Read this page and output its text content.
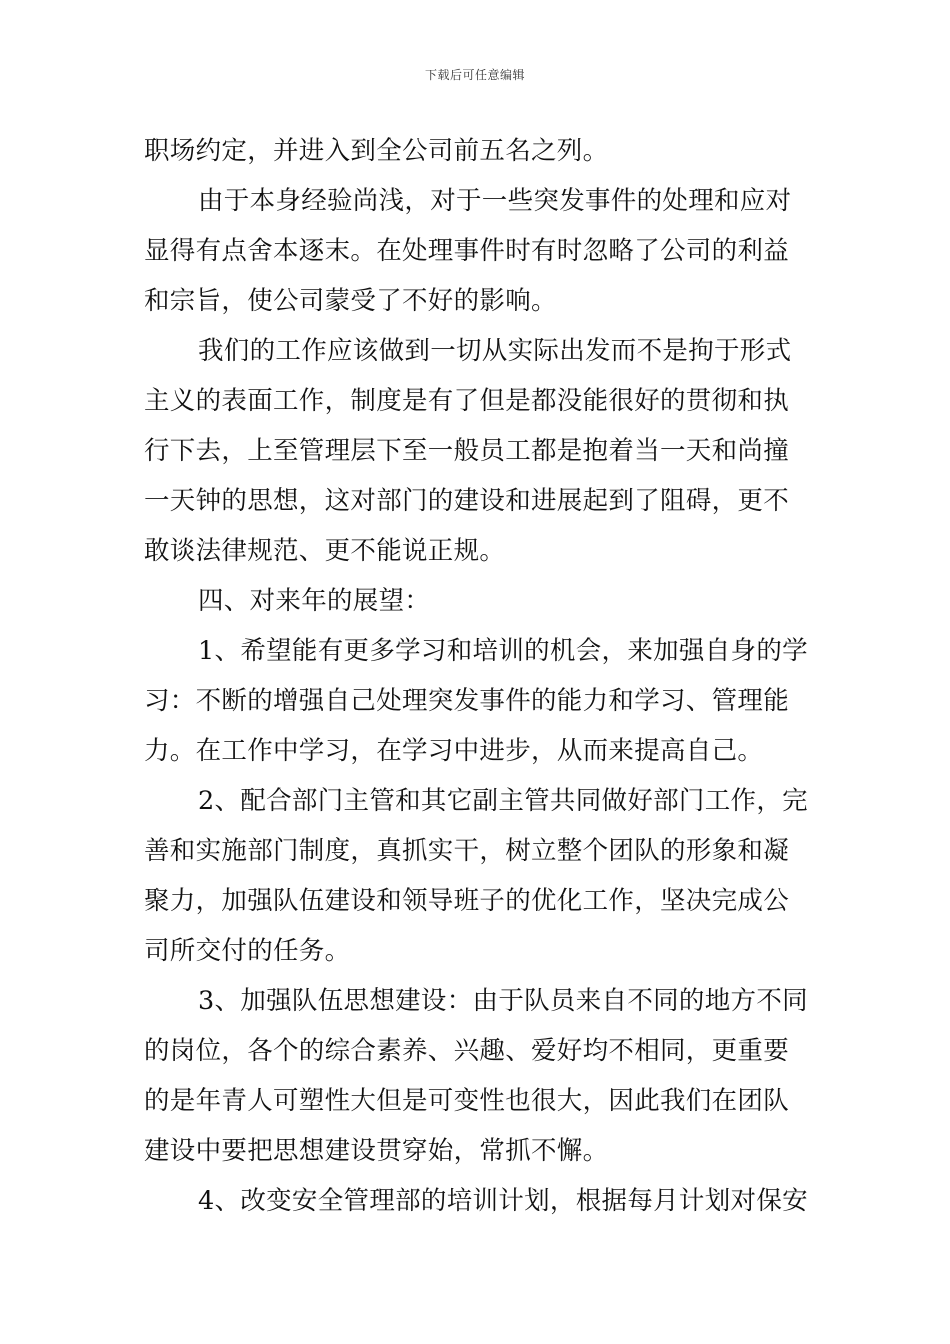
下载后可任意编辑
职场约定，并进入到全公司前五名之列。
由于本身经验尚浅，对于一些突发事件的处理和应对
显得有点舍本逐末。在处理事件时有时忽略了公司的利益
和宗旨，使公司蒙受了不好的影响。
我们的工作应该做到一切从实际出发而不是拘于形式
主义的表面工作，制度是有了但是都没能很好的贯彻和执
行下去，上至管理层下至一般员工都是抱着当一天和尚撞
一天钟的思想，这对部门的建设和进展起到了阻碍，更不
敢谈法律规范、更不能说正规。
四、对来年的展望：
1、希望能有更多学习和培训的机会，来加强自身的学
习：不断的增强自己处理突发事件的能力和学习、管理能
力。在工作中学习，在学习中进步，从而来提高自己。
2、配合部门主管和其它副主管共同做好部门工作，完
善和实施部门制度，真抓实干，树立整个团队的形象和凝
聚力，加强队伍建设和领导班子的优化工作，坚决完成公
司所交付的任务。
3、加强队伍思想建设：由于队员来自不同的地方不同
的岗位，各个的综合素养、兴趣、爱好均不相同，更重要
的是年青人可塑性大但是可变性也很大，因此我们在团队
建设中要把思想建设贯穿始，常抓不懈。
4、改变安全管理部的培训计划，根据每月计划对保安
